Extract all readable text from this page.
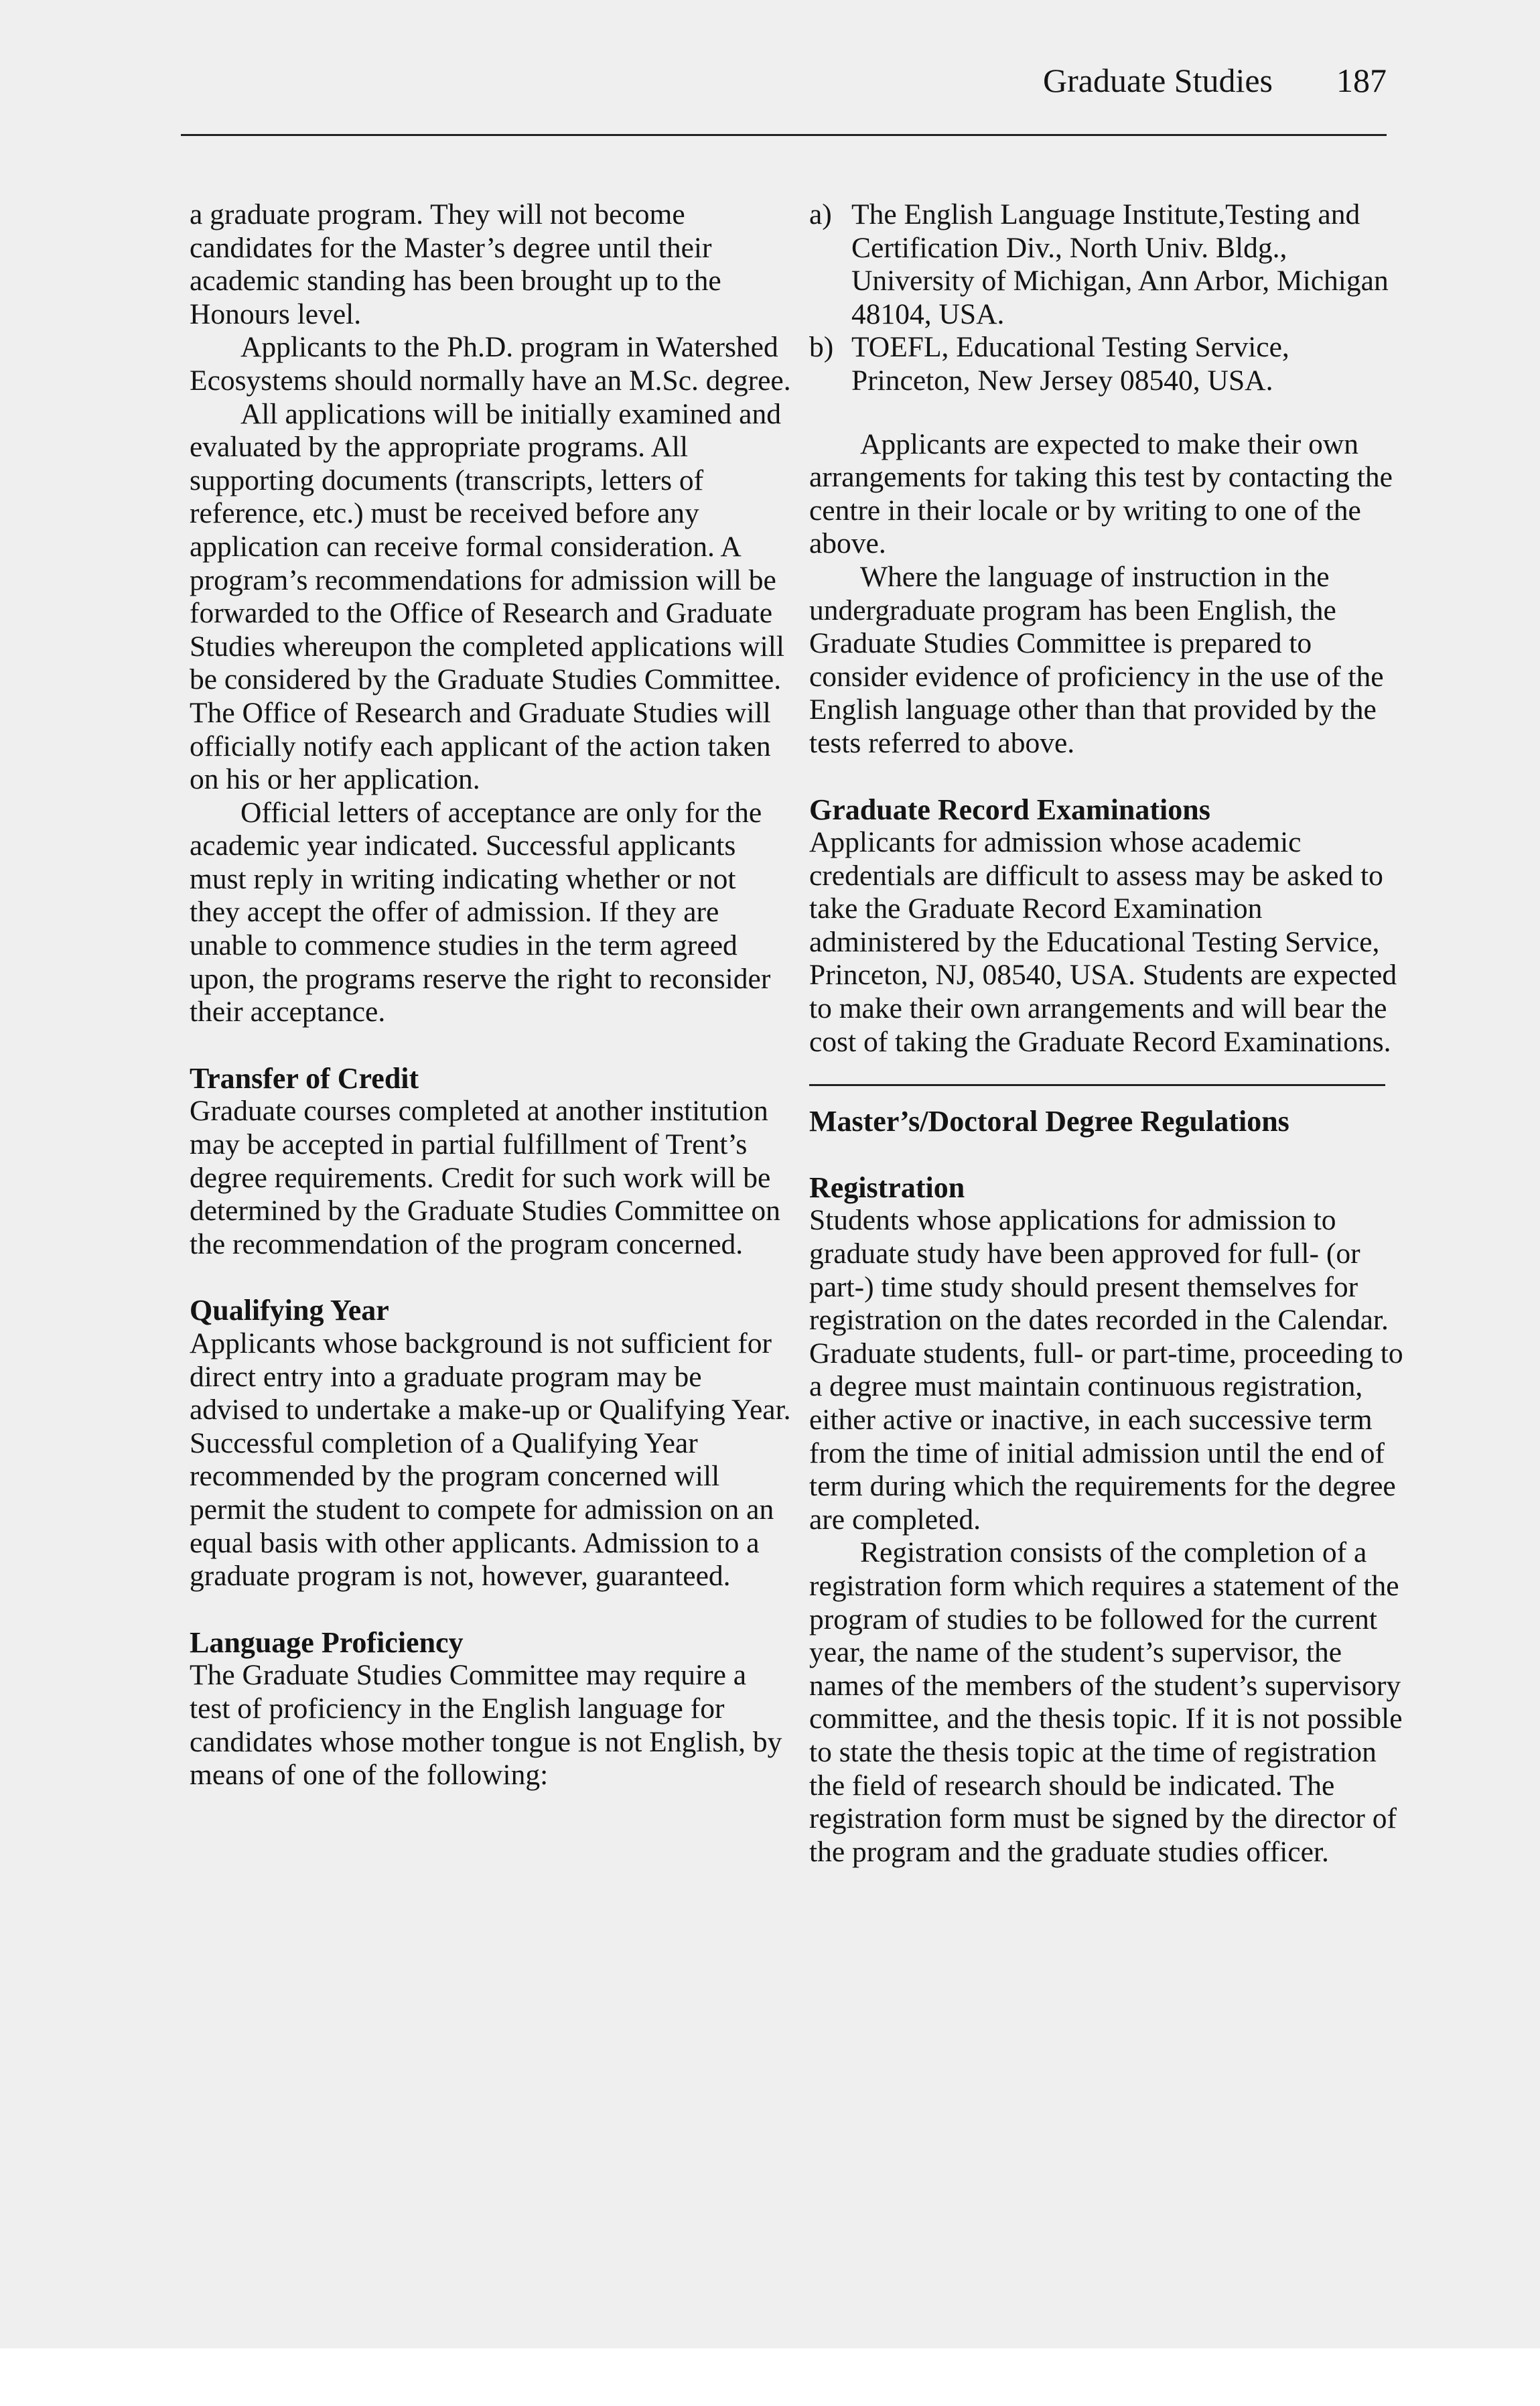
Graduate Studies 187

a graduate program. They will not become candidates for the Master’s degree until their academic standing has been brought up to the Honours level.

Applicants to the Ph.D. program in Watershed Ecosystems should normally have an M.Sc. degree.

All applications will be initially examined and evaluated by the appropriate programs. All supporting documents (transcripts, letters of reference, etc.) must be received before any application can receive formal consideration. A program’s recommendations for admission will be forwarded to the Office of Research and Graduate Studies whereupon the completed applications will be considered by the Graduate Studies Committee. The Office of Research and Graduate Studies will officially notify each applicant of the action taken on his or her application.

Official letters of acceptance are only for the academic year indicated. Successful applicants must reply in writing indicating whether or not they accept the offer of admission. If they are unable to commence studies in the term agreed upon, the programs reserve the right to reconsider their acceptance.

Transfer of Credit

Graduate courses completed at another institution may be accepted in partial fulfillment of Trent’s degree requirements. Credit for such work will be determined by the Graduate Studies Committee on the recommendation of the program concerned.

Qualifying Year

Applicants whose background is not sufficient for direct entry into a graduate program may be advised to undertake a make-up or Qualifying Year. Successful completion of a Qualifying Year recommended by the program concerned will permit the student to compete for admission on an equal basis with other applicants. Admission to a graduate program is not, however, guaranteed.

Language Proficiency

The Graduate Studies Committee may require a test of proficiency in the English language for candidates whose mother tongue is not English, by means of one of the following:

a) The English Language Institute,Testing and Certification Div., North Univ. Bldg., University of Michigan, Ann Arbor, Michigan 48104, USA.
b) TOEFL, Educational Testing Service, Princeton, New Jersey 08540, USA.

Applicants are expected to make their own arrangements for taking this test by contacting the centre in their locale or by writing to one of the above.

Where the language of instruction in the undergraduate program has been English, the Graduate Studies Committee is prepared to consider evidence of proficiency in the use of the English language other than that provided by the tests referred to above.

Graduate Record Examinations

Applicants for admission whose academic credentials are difficult to assess may be asked to take the Graduate Record Examination administered by the Educational Testing Service, Princeton, NJ, 08540, USA. Students are expected to make their own arrangements and will bear the cost of taking the Graduate Record Examinations.

Master’s/Doctoral Degree Regulations

Registration

Students whose applications for admission to graduate study have been approved for full- (or part-) time study should present themselves for registration on the dates recorded in the Calendar. Graduate students, full- or part-time, proceeding to a degree must maintain continuous registration, either active or inactive, in each successive term from the time of initial admission until the end of term during which the requirements for the degree are completed.

Registration consists of the completion of a registration form which requires a statement of the program of studies to be followed for the current year, the name of the student’s supervisor, the names of the members of the student’s supervisory committee, and the thesis topic. If it is not possible to state the thesis topic at the time of registration the field of research should be indicated. The registration form must be signed by the director of the program and the graduate studies officer.
